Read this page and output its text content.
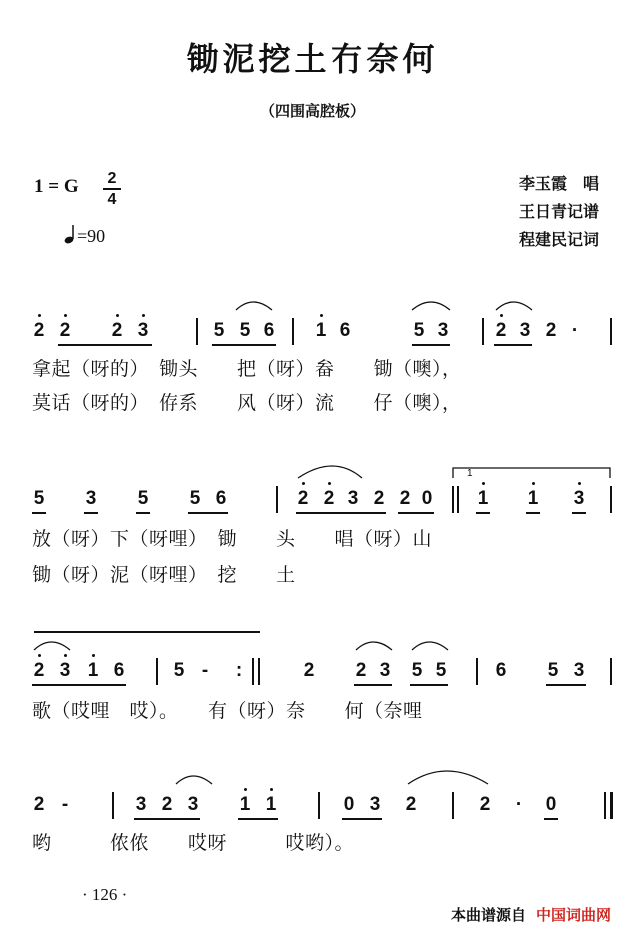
锄泥挖土冇奈何
（四围高腔板）
1 = G 2
4
=90
李玉霞　唱
王日青记谱
程建民记词
2 2 2 3	5 5 6 1 6	5 3 2 3 2 ·
拿起（呀的）　锄头　　把（呀）畚　　锄（噢），
莫话（呀的）　侟系　　风（呀）流　　仔（噢），
5 3 5 5 6	2 2 3 2 2 0 1 1 3
1
放（呀）下（呀哩）　锄　　头　　唱（呀）山
锄（呀）泥（呀哩）　挖　　土
2 3 1 6	5 - :	2 2 3 5 5	6 5 3
歌（哎哩　哎）。　　有（呀）奈　　何（奈哩
2 -	3 2 3 1 1	0 3 2	2 · 0
哟　　　侬侬　　哎呀　　　哎哟）。
· 126 ·
本曲谱源自 中国词曲网
